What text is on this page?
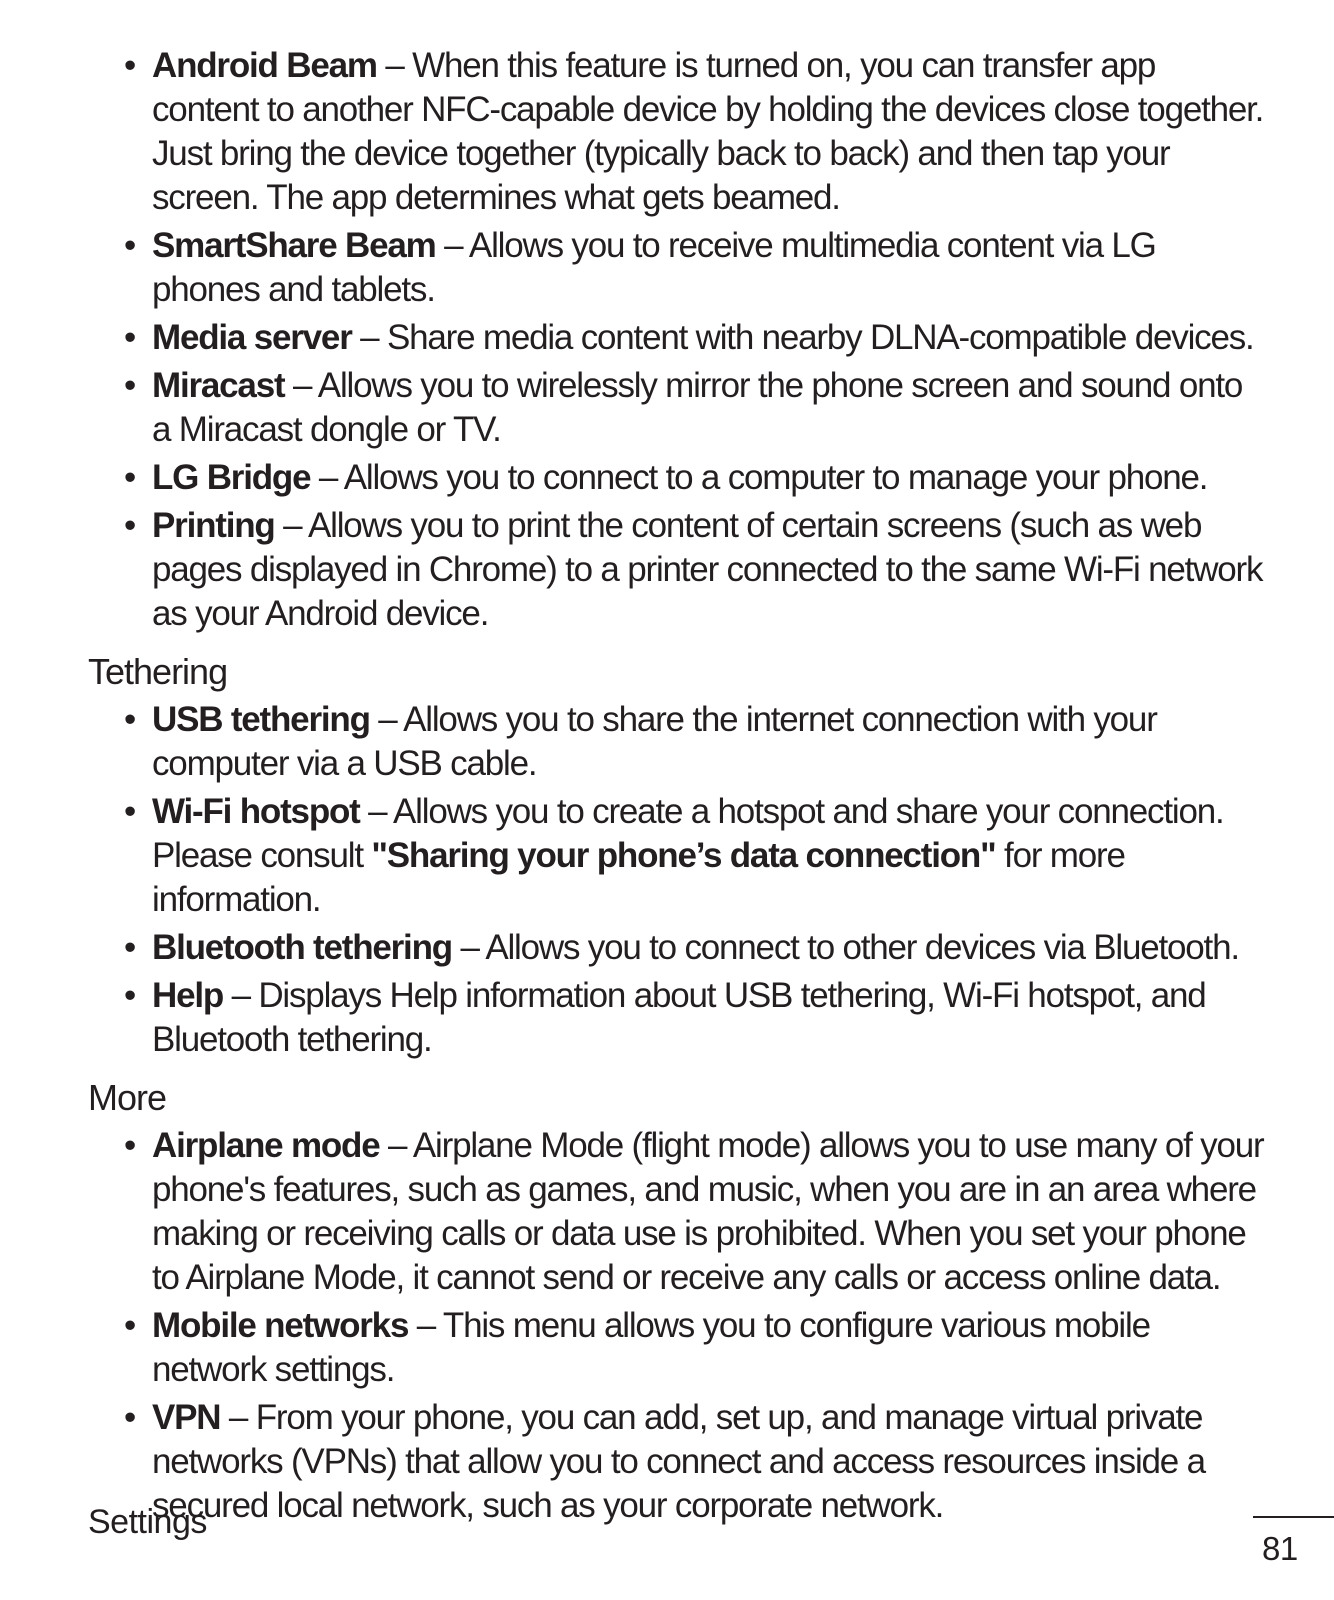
• Android Beam – When this feature is turned on, you can transfer app content to another NFC-capable device by holding the devices close together.
Just bring the device together (typically back to back) and then tap your screen. The app determines what gets beamed.
• SmartShare Beam – Allows you to receive multimedia content via LG phones and tablets.
• Media server – Share media content with nearby DLNA-compatible devices.
• Miracast – Allows you to wirelessly mirror the phone screen and sound onto a Miracast dongle or TV.
• LG Bridge – Allows you to connect to a computer to manage your phone.
• Printing – Allows you to print the content of certain screens (such as web pages displayed in Chrome) to a printer connected to the same Wi-Fi network as your Android device.
Tethering
• USB tethering – Allows you to share the internet connection with your computer via a USB cable.
• Wi-Fi hotspot – Allows you to create a hotspot and share your connection. Please consult "Sharing your phone’s data connection" for more information.
• Bluetooth tethering – Allows you to connect to other devices via Bluetooth.
• Help – Displays Help information about USB tethering, Wi-Fi hotspot, and Bluetooth tethering.
More
• Airplane mode – Airplane Mode (flight mode) allows you to use many of your phone's features, such as games, and music, when you are in an area where making or receiving calls or data use is prohibited. When you set your phone to Airplane Mode, it cannot send or receive any calls or access online data.
• Mobile networks – This menu allows you to configure various mobile network settings.
• VPN – From your phone, you can add, set up, and manage virtual private networks (VPNs) that allow you to connect and access resources inside a secured local network, such as your corporate network.
Settings
81
